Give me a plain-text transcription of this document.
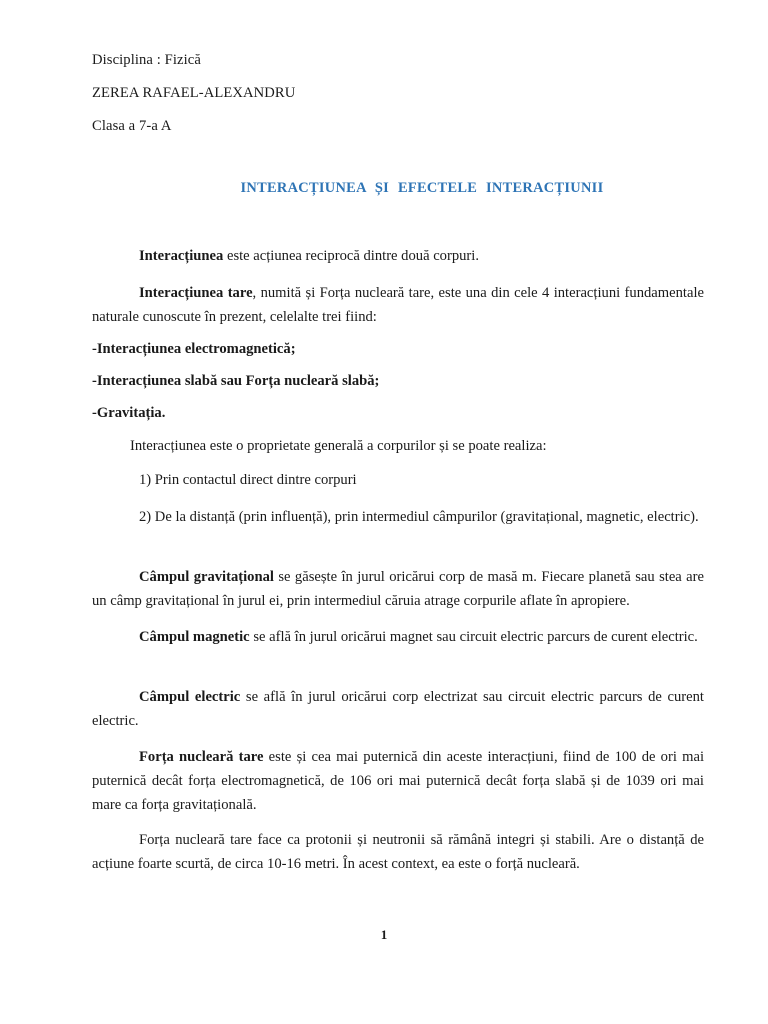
Disciplina : Fizică
ZEREA RAFAEL-ALEXANDRU
Clasa a 7-a A
INTERACȚIUNEA ȘI EFECTELE INTERACȚIUNII
Interacțiunea este acțiunea reciprocă dintre două corpuri.
Interacțiunea tare, numită și Forța nucleară tare, este una din cele 4 interacțiuni fundamentale naturale cunoscute în prezent, celelalte trei fiind:
-Interacțiunea electromagnetică;
-Interacțiunea slabă sau Forța nucleară slabă;
-Gravitația.
Interacțiunea este o proprietate generală a corpurilor și se poate realiza:
1) Prin contactul direct dintre corpuri
2) De la distanță (prin influență), prin intermediul câmpurilor (gravitațional, magnetic, electric).
Câmpul gravitațional se găsește în jurul oricărui corp de masă m. Fiecare planetă sau stea are un câmp gravitațional în jurul ei, prin intermediul căruia atrage corpurile aflate în apropiere.
Câmpul magnetic se află în jurul oricărui magnet sau circuit electric parcurs de curent electric.
Câmpul electric se află în jurul oricărui corp electrizat sau circuit electric parcurs de curent electric.
Forța nucleară tare este și cea mai puternică din aceste interacțiuni, fiind de 100 de ori mai puternică decât forța electromagnetică, de 106 ori mai puternică decât forța slabă și de 1039 ori mai mare ca forța gravitațională.
Forța nucleară tare face ca protonii și neutronii să rămână integri și stabili. Are o distanță de acțiune foarte scurtă, de circa 10-16 metri. În acest context, ea este o forță nucleară.
1
